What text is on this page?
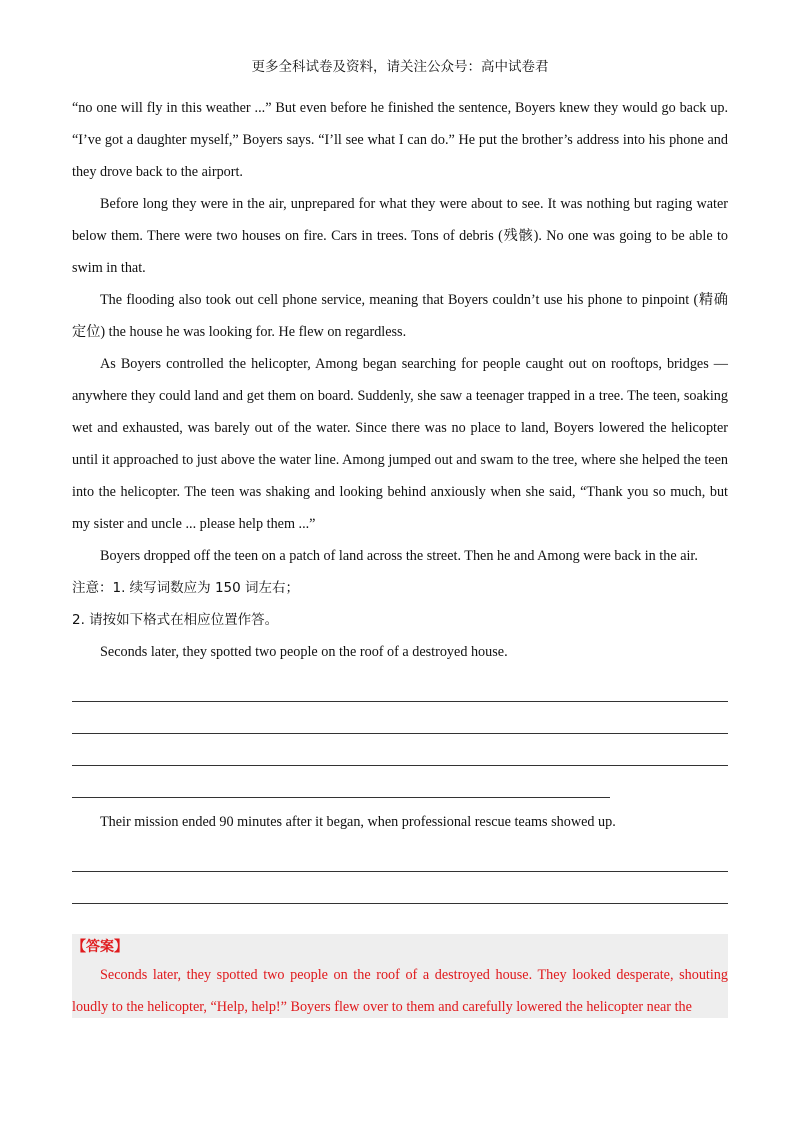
更多全科试卷及资料，请关注公众号：高中试卷君

“no one will fly in this weather ...” But even before he finished the sentence, Boyers knew they would go back up. “I’ve got a daughter myself,” Boyers says. “I’ll see what I can do.” He put the brother’s address into his phone and they drove back to the airport.

Before long they were in the air, unprepared for what they were about to see. It was nothing but raging water below them. There were two houses on fire. Cars in trees. Tons of debris (残骸). No one was going to be able to swim in that.

The flooding also took out cell phone service, meaning that Boyers couldn’t use his phone to pinpoint (精确定位) the house he was looking for. He flew on regardless.

As Boyers controlled the helicopter, Among began searching for people caught out on rooftops, bridges — anywhere they could land and get them on board. Suddenly, she saw a teenager trapped in a tree. The teen, soaking wet and exhausted, was barely out of the water. Since there was no place to land, Boyers lowered the helicopter until it approached to just above the water line. Among jumped out and swam to the tree, where she helped the teen into the helicopter. The teen was shaking and looking behind anxiously when she said, “Thank you so much, but my sister and uncle ... please help them ...”

Boyers dropped off the teen on a patch of land across the street. Then he and Among were back in the air.

注意：1. 续写词数应为 150 词左右；

2. 请按如下格式在相应位置作答。

Seconds later, they spotted two people on the roof of a destroyed house.

Their mission ended 90 minutes after it began, when professional rescue teams showed up.

【答案】

Seconds later, they spotted two people on the roof of a destroyed house. They looked desperate, shouting loudly to the helicopter, “Help, help!” Boyers flew over to them and carefully lowered the helicopter near the
